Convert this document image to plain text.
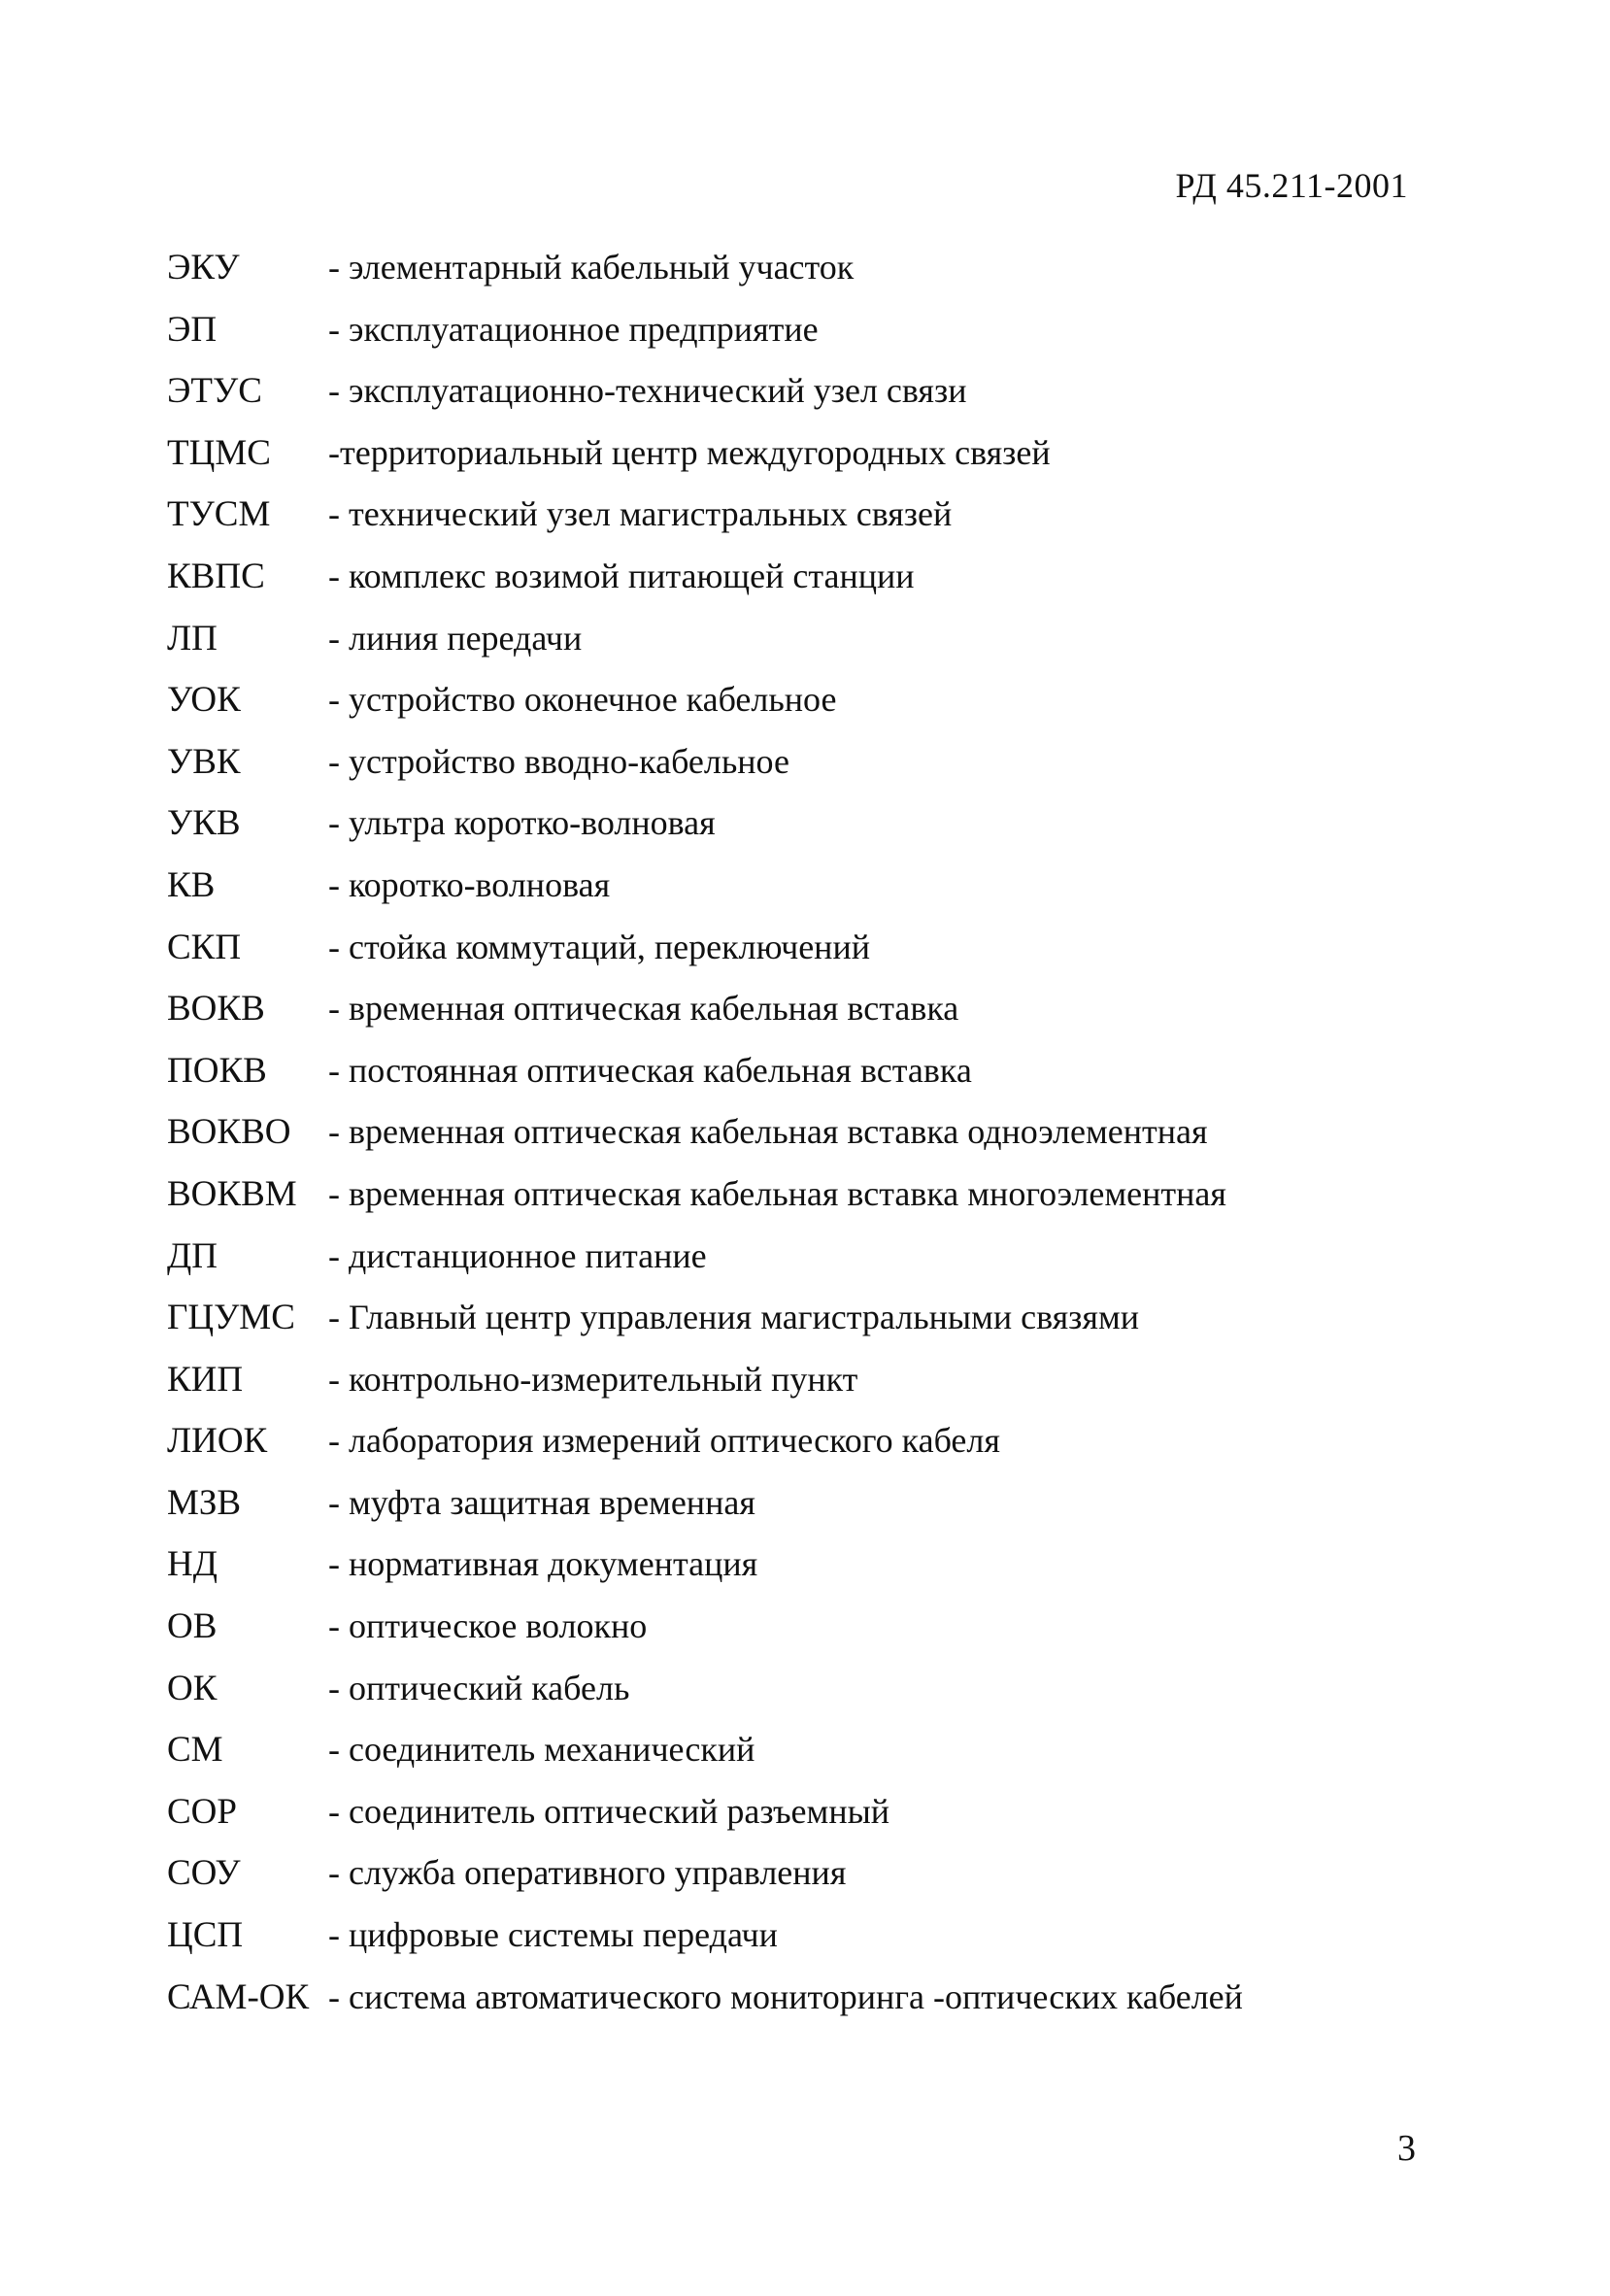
РД 45.211-2001
ЭКУ	- элементарный кабельный участок
ЭП	- эксплуатационное предприятие
ЭТУС	- эксплуатационно-технический узел связи
ТЦМС	-территориальный центр междугородных связей
ТУСМ	- технический узел магистральных связей
КВПС	- комплекс возимой питающей станции
ЛП	- линия передачи
УОК	- устройство оконечное кабельное
УВК	- устройство вводно-кабельное
УКВ	- ультра коротко-волновая
КВ	- коротко-волновая
СКП	- стойка коммутаций, переключений
ВОКВ	- временная оптическая кабельная вставка
ПОКВ	- постоянная оптическая кабельная вставка
ВОКВО	- временная оптическая кабельная вставка одноэлементная
ВОКВМ - временная оптическая кабельная вставка многоэлементная
ДП	- дистанционное питание
ГЦУМС - Главный центр управления магистральными связями
КИП	- контрольно-измерительный пункт
ЛИОК	- лаборатория измерений оптического кабеля
МЗВ	- муфта защитная временная
НД	- нормативная документация
ОВ	- оптическое волокно
ОК	- оптический кабель
СМ	- соединитель механический
СОР	- соединитель оптический разъемный
СОУ	- служба оперативного управления
ЦСП	- цифровые системы передачи
САМ-ОК - система автоматического мониторинга -оптических кабелей
3
